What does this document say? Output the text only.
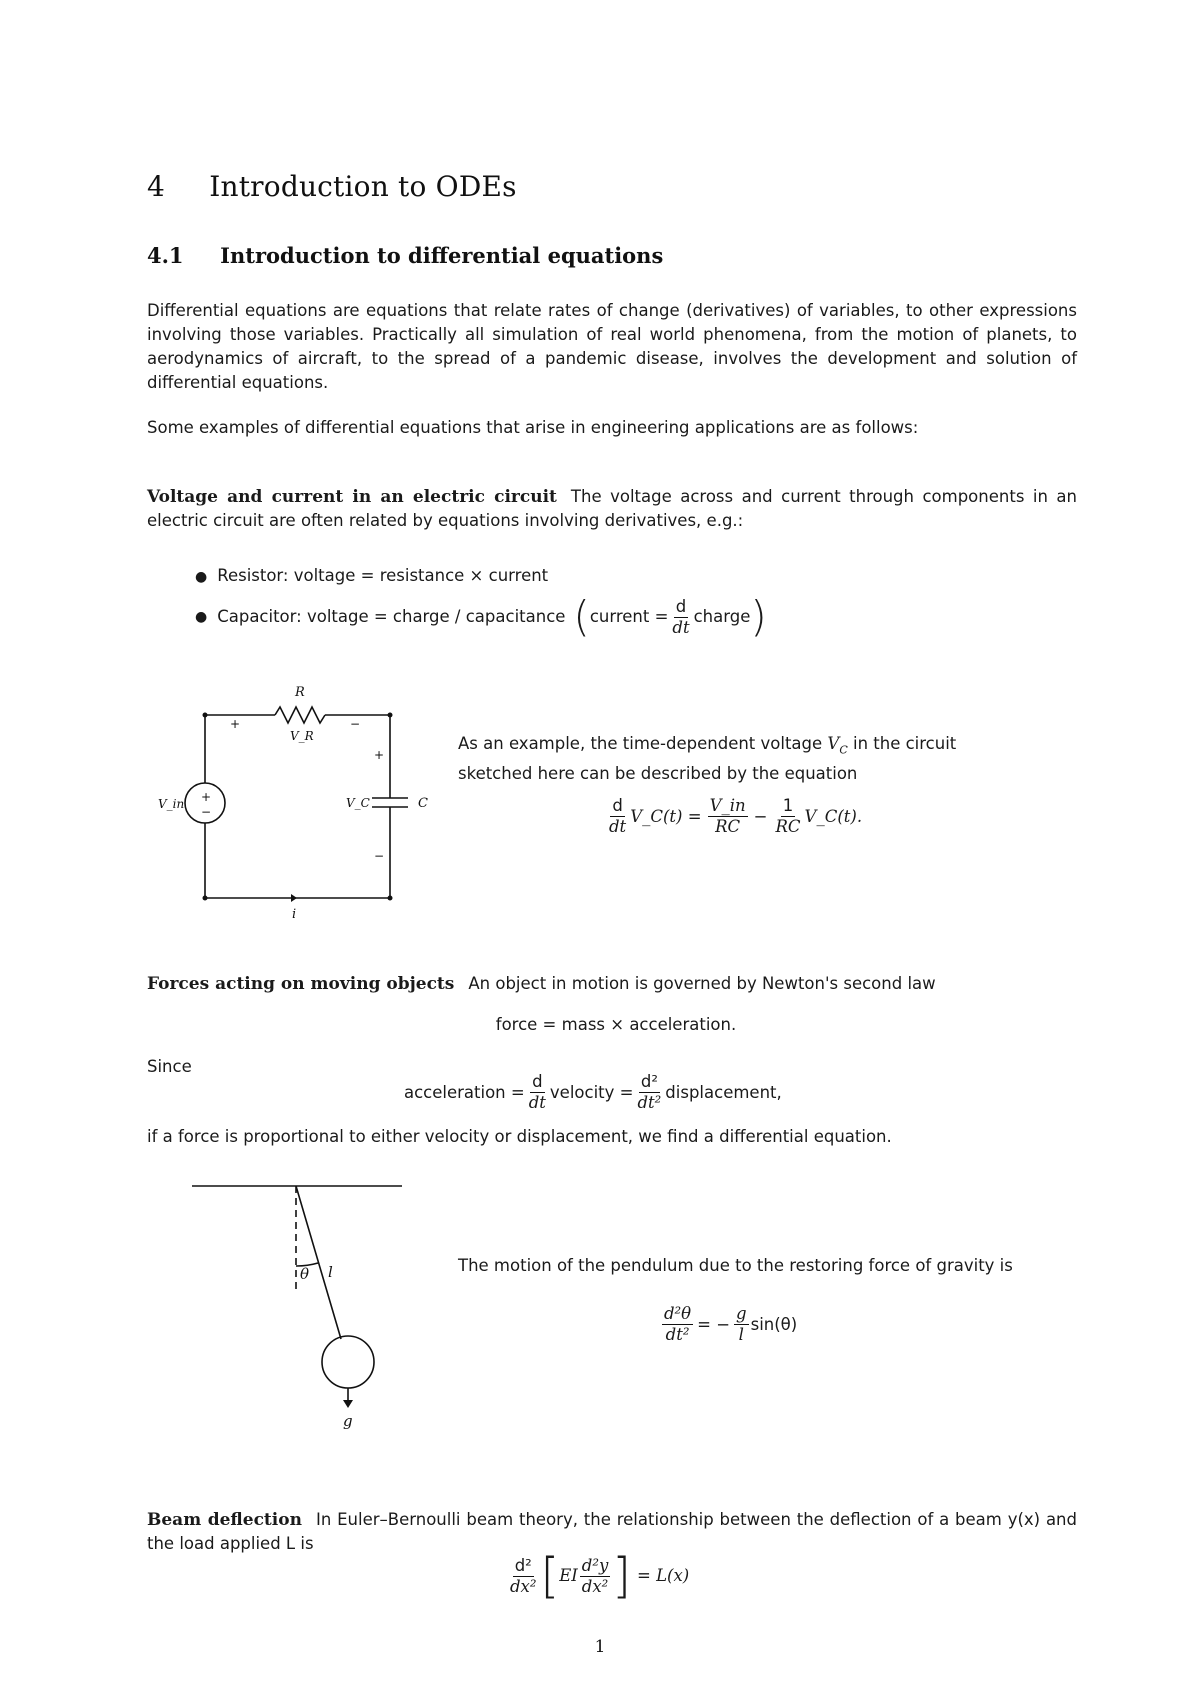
4 Introduction to ODEs
4.1 Introduction to differential equations
Differential equations are equations that relate rates of change (derivatives) of variables, to other expressions involving those variables. Practically all simulation of real world phenomena, from the motion of planets, to aerodynamics of aircraft, to the spread of a pandemic disease, involves the development and solution of differential equations.
Some examples of differential equations that arise in engineering applications are as follows:
Voltage and current in an electric circuit The voltage across and current through components in an electric circuit are often related by equations involving derivatives, e.g.:
● Resistor: voltage = resistance × current
● Capacitor: voltage = charge / capacitance ( current = $\frac{d}{dt}$ charge )
R
V_R
V_in	V_C	C
i
+	−
+
−
+
−
As an example, the time-dependent voltage $V_C$ in the circuit sketched here can be described by the equation
$\frac{d}{dt}$ V_C(t) = $\frac{V\_in}{RC} - \frac{1}{RC}$ V_C(t).
Forces acting on moving objects An object in motion is governed by Newton's second law
force = mass × acceleration.
Since
acceleration = $\frac{d}{dt}$ velocity = $\frac{\text{d²}}{\text{dt²}}$ displacement,
if a force is proportional to either velocity or displacement, we find a differential equation.
θ l
g
The motion of the pendulum due to the restoring force of gravity is
$\frac{\text{d²θ}}{\text{dt²}}$ = − $\frac{g}{l} \sin(\theta)$
Beam deflection In Euler–Bernoulli beam theory, the relationship between the deflection of a beam y(x) and the load applied L is
$\frac{\text{d²}}{\text{dx²}}$ [ EI $\frac{\text{d²y}}{\text{dx²}}$ ] = L(x)
1
